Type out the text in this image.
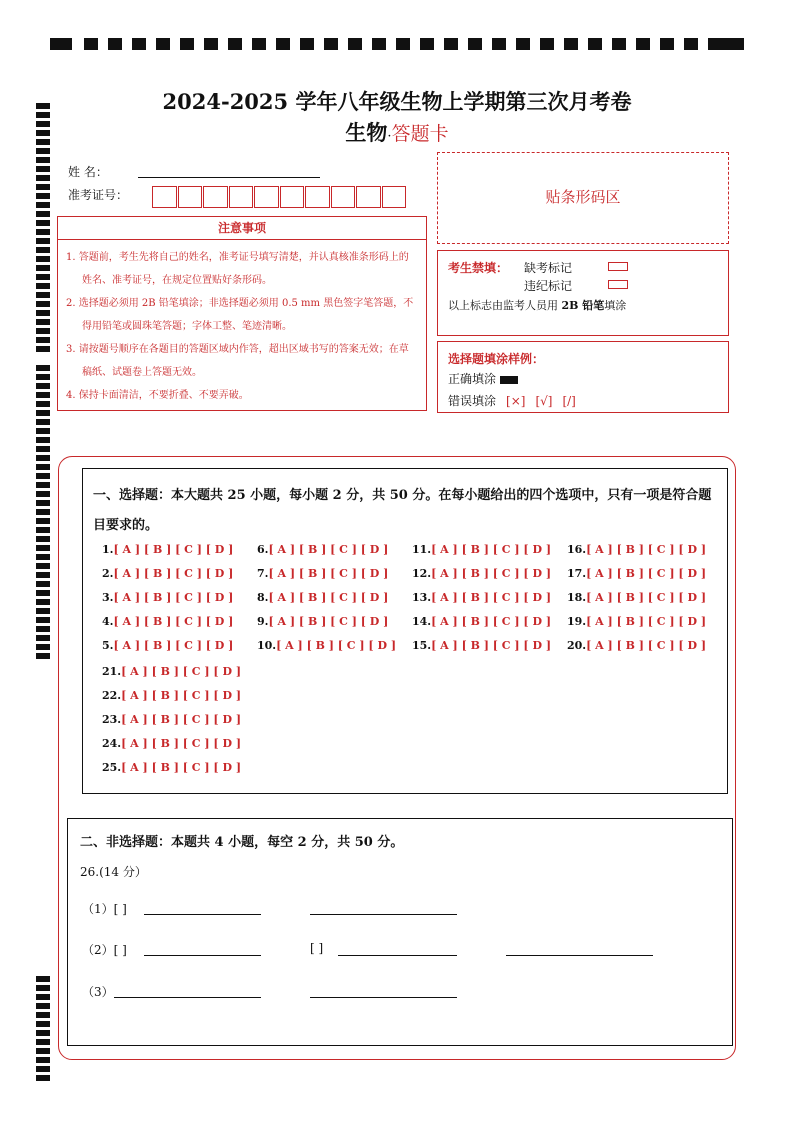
2024-2025 学年八年级生物上学期第三次月考卷
生物·答题卡
姓 名：
准考证号：
注意事项

1. 答题前，考生先将自己的姓名，准考证号填写清楚，并认真核准条形码上的姓名、准考证号，在规定位置贴好条形码。

2. 选择题必须用 2B 铅笔填涂；非选择题必须用 0.5 mm 黑色签字笔答题，不得用铅笔或圆珠笔答题；字体工整、笔迹清晰。

3. 请按题号顺序在各题目的答题区域内作答，超出区域书写的答案无效；在草稿纸、试题卷上答题无效。

4. 保持卡面清洁，不要折叠、不要弄破。

贴条形码区
考生禁填： 缺考标记
违纪标记
以上标志由监考人员用 2B 铅笔填涂
选择题填涂样例：
正确填涂
错误填涂 [×] [√] [/]
一、选择题：本大题共 25 小题，每小题 2 分，共 50 分。在每小题给出的四个选项中，只有一项是符合题目要求的。
1.[ A ] [ B ] [ C ] [ D ]
2.[ A ] [ B ] [ C ] [ D ]
3.[ A ] [ B ] [ C ] [ D ]
4.[ A ] [ B ] [ C ] [ D ]
5.[ A ] [ B ] [ C ] [ D ]
6.[ A ] [ B ] [ C ] [ D ]
7.[ A ] [ B ] [ C ] [ D ]
8.[ A ] [ B ] [ C ] [ D ]
9.[ A ] [ B ] [ C ] [ D ]
10.[ A ] [ B ] [ C ] [ D ]
11.[ A ] [ B ] [ C ] [ D ]
12.[ A ] [ B ] [ C ] [ D ]
13.[ A ] [ B ] [ C ] [ D ]
14.[ A ] [ B ] [ C ] [ D ]
15.[ A ] [ B ] [ C ] [ D ]
16.[ A ] [ B ] [ C ] [ D ]
17.[ A ] [ B ] [ C ] [ D ]
18.[ A ] [ B ] [ C ] [ D ]
19.[ A ] [ B ] [ C ] [ D ]
20.[ A ] [ B ] [ C ] [ D ]
21.[ A ] [ B ] [ C ] [ D ]
22.[ A ] [ B ] [ C ] [ D ]
23.[ A ] [ B ] [ C ] [ D ]
24.[ A ] [ B ] [ C ] [ D ]
25.[ A ] [ B ] [ C ] [ D ]
二、非选择题：本题共 4 小题，每空 2 分，共 50 分。
26.(14 分）
（1）[ ]
（2）[ ]	[ ]
（3）
